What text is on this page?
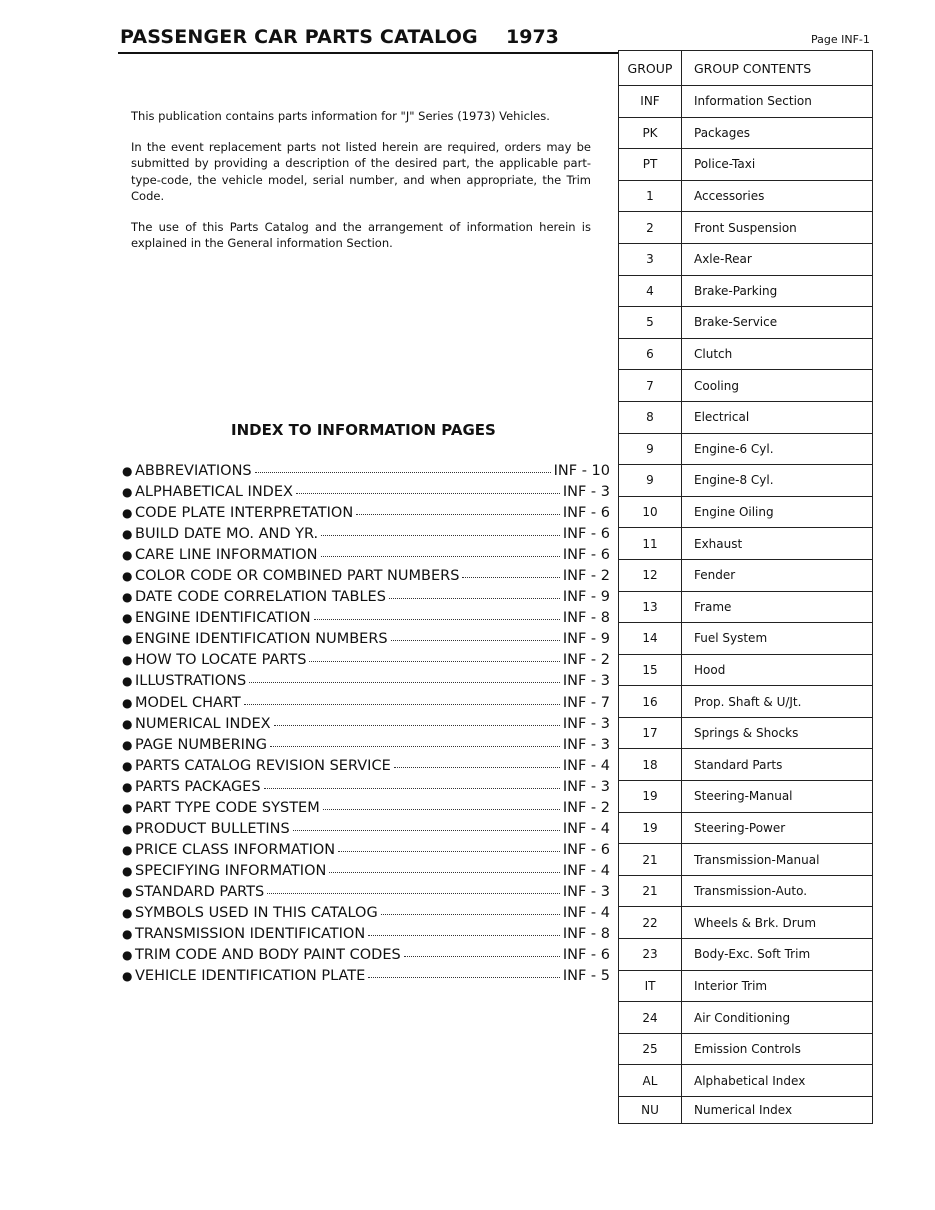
PASSENGER CAR PARTS CATALOG 1973	Page INF-1

This publication contains parts information for "J" Series (1973) Vehicles.

In the event replacement parts not listed herein are required, orders may be submitted by providing a description of the desired part, the applicable part-type-code, the vehicle model, serial number, and when appropriate, the Trim Code.

The use of this Parts Catalog and the arrangement of information herein is explained in the General information Section.

INDEX TO INFORMATION PAGES
● ABBREVIATIONS	INF - 10
● ALPHABETICAL INDEX	INF - 3
● CODE PLATE INTERPRETATION	INF - 6
● BUILD DATE MO. AND YR.	INF - 6
● CARE LINE INFORMATION	INF - 6
● COLOR CODE OR COMBINED PART NUMBERS	INF - 2
● DATE CODE CORRELATION TABLES	INF - 9
● ENGINE IDENTIFICATION	INF - 8
● ENGINE IDENTIFICATION NUMBERS	INF - 9
● HOW TO LOCATE PARTS	INF - 2
● ILLUSTRATIONS	INF - 3
● MODEL CHART	INF - 7
● NUMERICAL INDEX	INF - 3
● PAGE NUMBERING	INF - 3
● PARTS CATALOG REVISION SERVICE	INF - 4
● PARTS PACKAGES	INF - 3
● PART TYPE CODE SYSTEM	INF - 2
● PRODUCT BULLETINS	INF - 4
● PRICE CLASS INFORMATION	INF - 6
● SPECIFYING INFORMATION	INF - 4
● STANDARD PARTS	INF - 3
● SYMBOLS USED IN THIS CATALOG	INF - 4
● TRANSMISSION IDENTIFICATION	INF - 8
● TRIM CODE AND BODY PAINT CODES	INF - 6
● VEHICLE IDENTIFICATION PLATE	INF - 5
GROUP	GROUP CONTENTS
INF	Information Section
PK	Packages
PT	Police-Taxi
1	Accessories
2	Front Suspension
3	Axle-Rear
4	Brake-Parking
5	Brake-Service
6	Clutch
7	Cooling
8	Electrical
9	Engine-6 Cyl.
9	Engine-8 Cyl.
10	Engine Oiling
11	Exhaust
12	Fender
13	Frame
14	Fuel System
15	Hood
16	Prop. Shaft & U/Jt.
17	Springs & Shocks
18	Standard Parts
19	Steering-Manual
19	Steering-Power
21	Transmission-Manual
21	Transmission-Auto.
22	Wheels & Brk. Drum
23	Body-Exc. Soft Trim
IT	Interior Trim
24	Air Conditioning
25	Emission Controls
AL	Alphabetical Index
NU	Numerical Index
